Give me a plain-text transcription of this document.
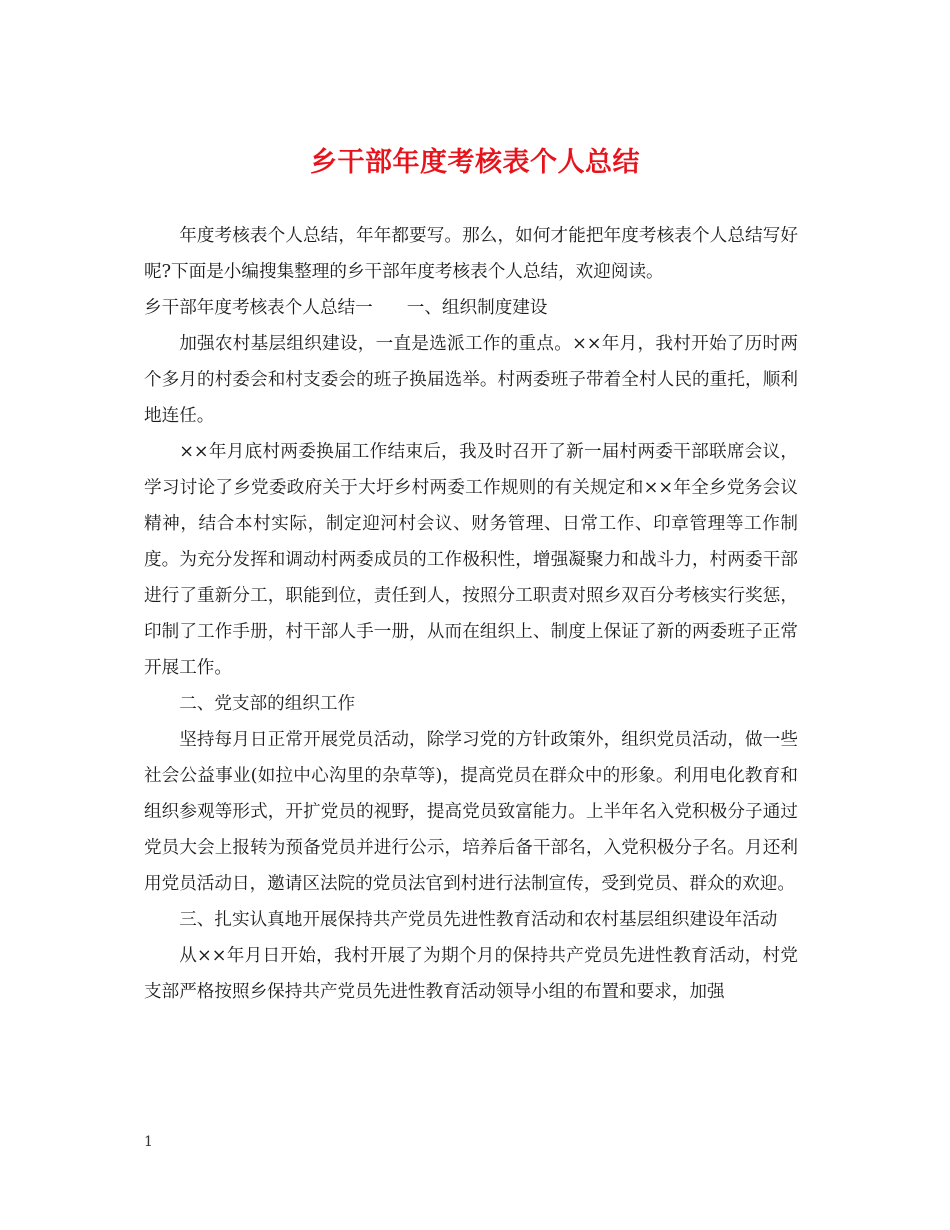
乡干部年度考核表个人总结

年度考核表个人总结，年年都要写。那么，如何才能把年度考核表个人总结写好呢?下面是小编搜集整理的乡干部年度考核表个人总结，欢迎阅读。

乡干部年度考核表个人总结一 一、组织制度建设

加强农村基层组织建设，一直是选派工作的重点。××年月，我村开始了历时两个多月的村委会和村支委会的班子换届选举。村两委班子带着全村人民的重托，顺利地连任。

××年月底村两委换届工作结束后，我及时召开了新一届村两委干部联席会议，学习讨论了乡党委政府关于大圩乡村两委工作规则的有关规定和××年全乡党务会议精神，结合本村实际，制定迎河村会议、财务管理、日常工作、印章管理等工作制度。为充分发挥和调动村两委成员的工作极积性，增强凝聚力和战斗力，村两委干部进行了重新分工，职能到位，责任到人，按照分工职责对照乡双百分考核实行奖惩，印制了工作手册，村干部人手一册，从而在组织上、制度上保证了新的两委班子正常开展工作。

二、党支部的组织工作

坚持每月日正常开展党员活动，除学习党的方针政策外，组织党员活动，做一些社会公益事业(如拉中心沟里的杂草等)，提高党员在群众中的形象。利用电化教育和组织参观等形式，开扩党员的视野，提高党员致富能力。上半年名入党积极分子通过党员大会上报转为预备党员并进行公示，培养后备干部名，入党积极分子名。月还利用党员活动日，邀请区法院的党员法官到村进行法制宣传，受到党员、群众的欢迎。

三、扎实认真地开展保持共产党员先进性教育活动和农村基层组织建设年活动

从××年月日开始，我村开展了为期个月的保持共产党员先进性教育活动，村党支部严格按照乡保持共产党员先进性教育活动领导小组的布置和要求，加强

1
